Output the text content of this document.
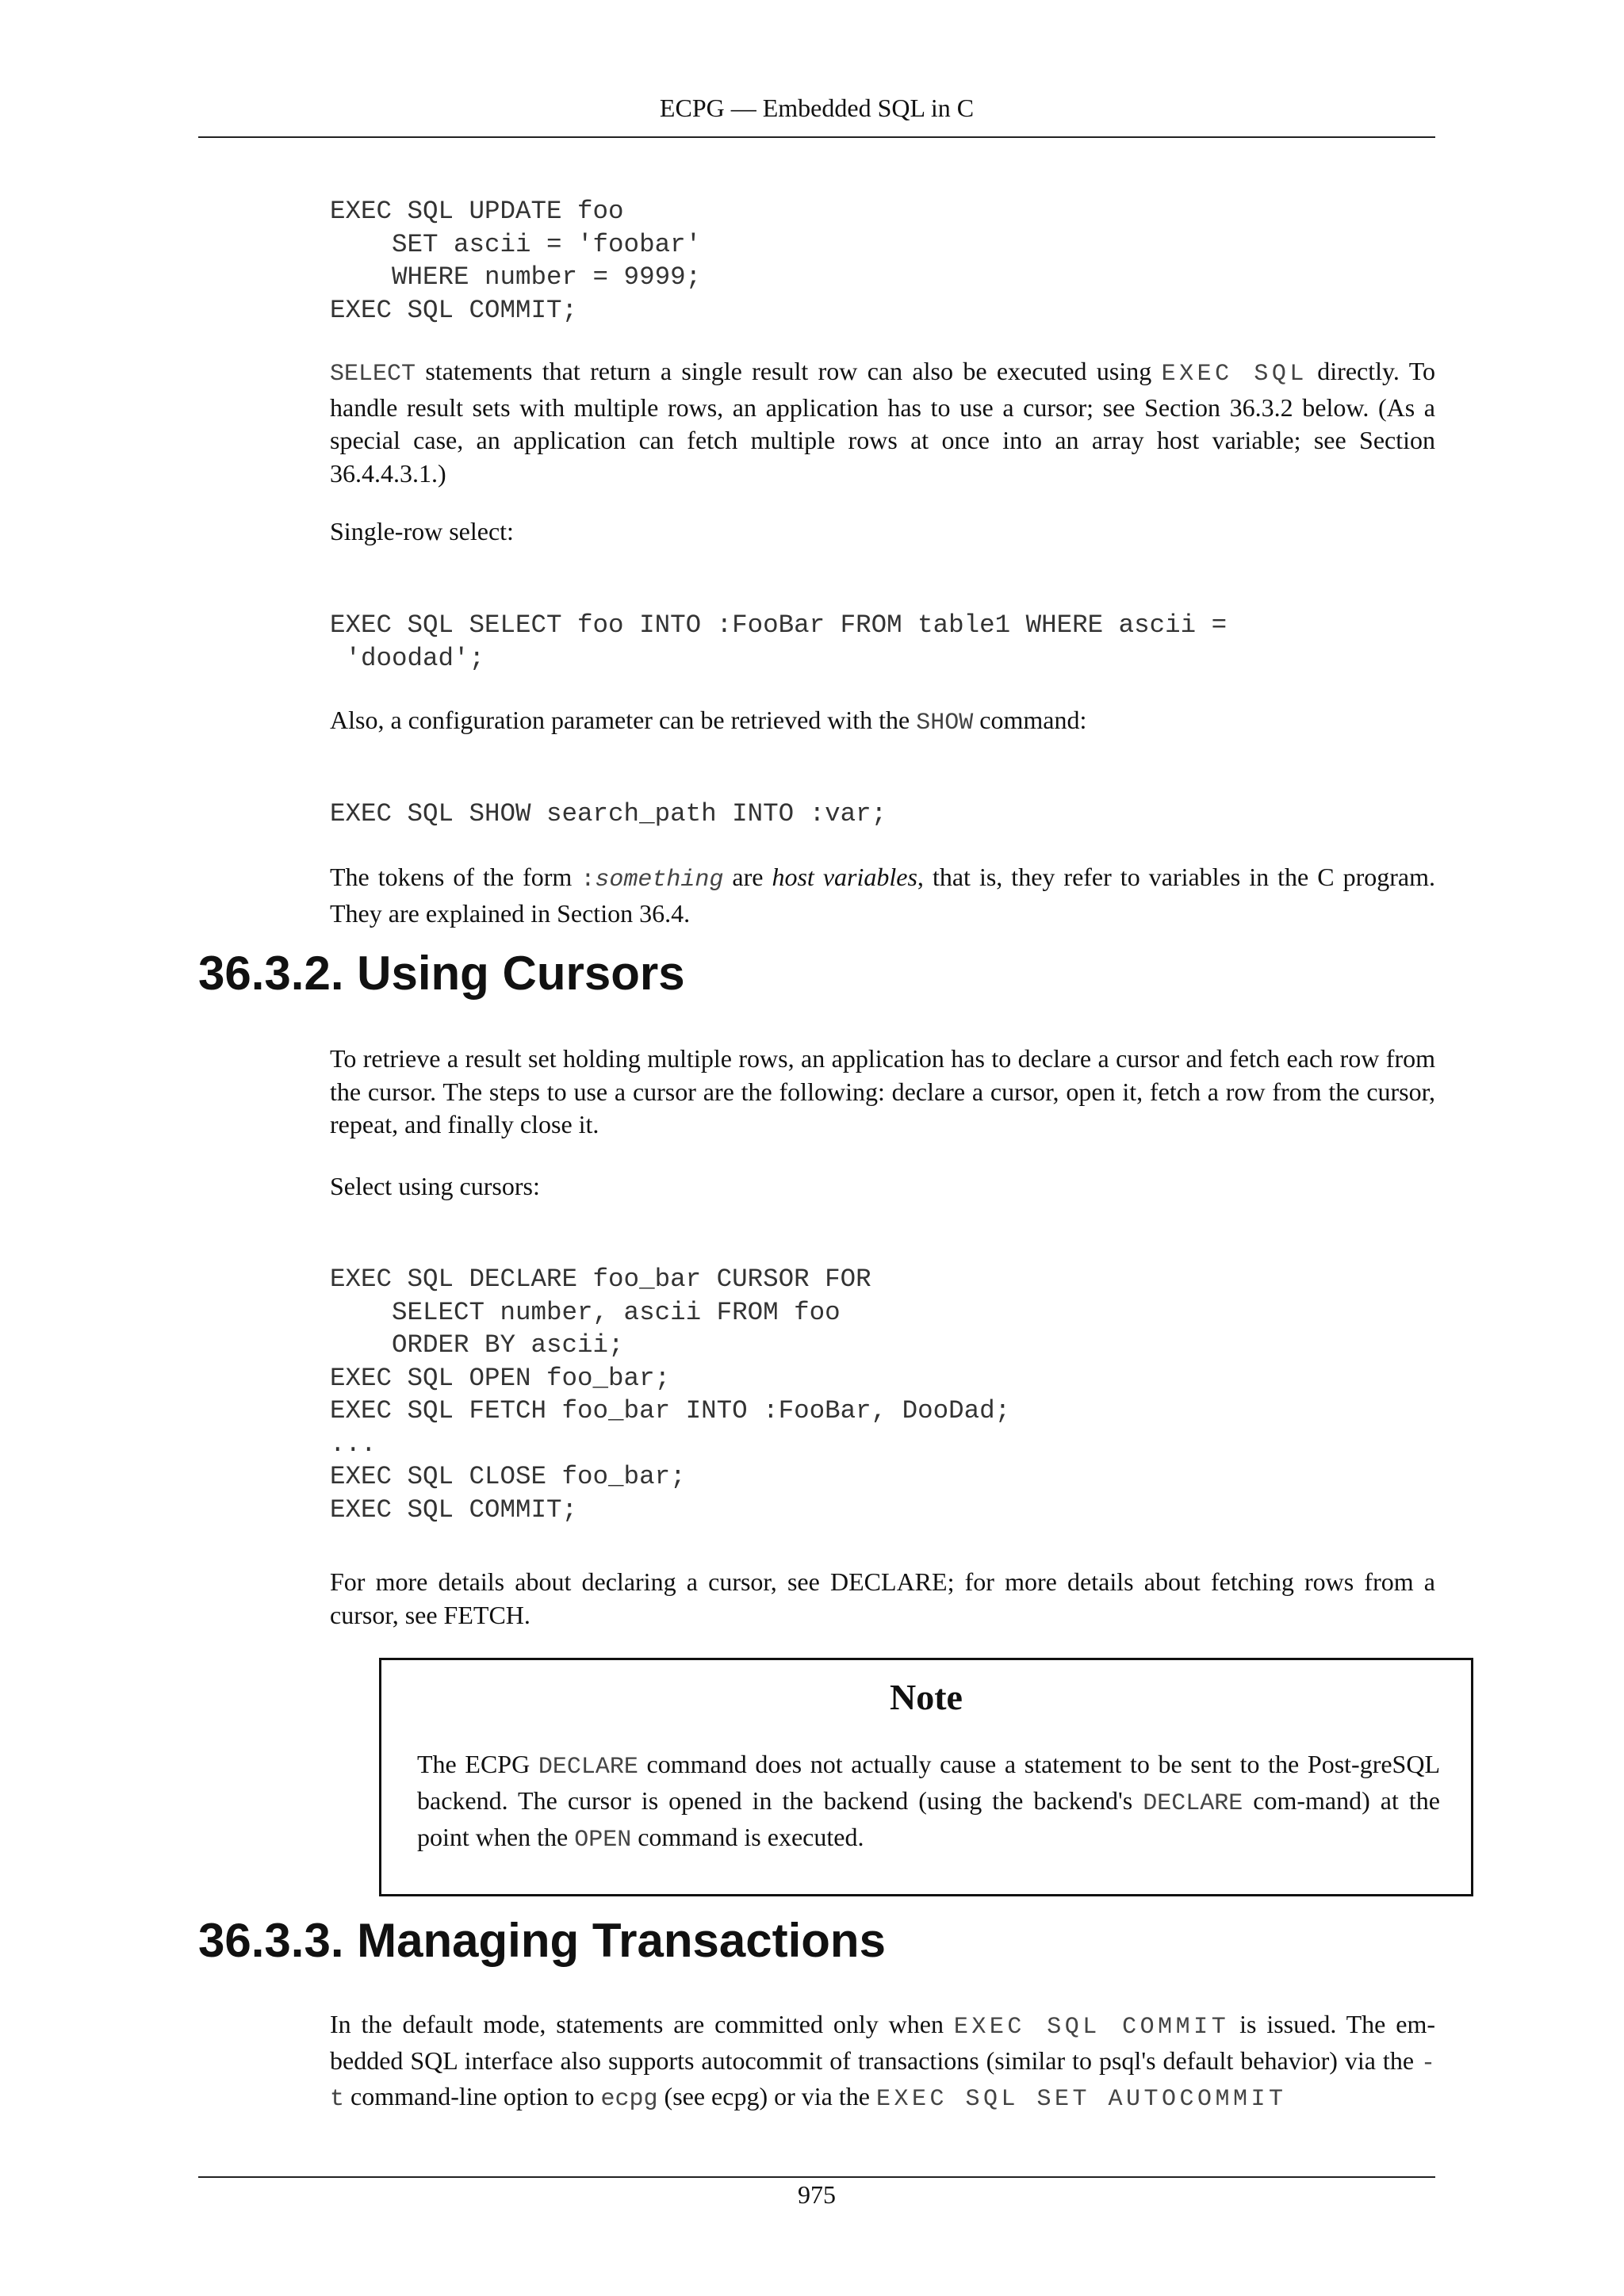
ECPG — Embedded SQL in C
EXEC SQL UPDATE foo
SET ascii = 'foobar'
WHERE number = 9999;
EXEC SQL COMMIT;

SELECT statements that return a single result row can also be executed using EXEC SQL directly. To handle result sets with multiple rows, an application has to use a cursor; see Section 36.3.2 below. (As a special case, an application can fetch multiple rows at once into an array host variable; see Section 36.4.4.3.1.)

Single-row select:

EXEC SQL SELECT foo INTO :FooBar FROM table1 WHERE ascii =
'doodad';

Also, a configuration parameter can be retrieved with the SHOW command:

EXEC SQL SHOW search_path INTO :var;

The tokens of the form :something are host variables, that is, they refer to variables in the C program. They are explained in Section 36.4.

36.3.2. Using Cursors

To retrieve a result set holding multiple rows, an application has to declare a cursor and fetch each row from the cursor. The steps to use a cursor are the following: declare a cursor, open it, fetch a row from the cursor, repeat, and finally close it.

Select using cursors:

EXEC SQL DECLARE foo_bar CURSOR FOR
SELECT number, ascii FROM foo
ORDER BY ascii;
EXEC SQL OPEN foo_bar;
EXEC SQL FETCH foo_bar INTO :FooBar, DooDad;
...
EXEC SQL CLOSE foo_bar;
EXEC SQL COMMIT;

For more details about declaring a cursor, see DECLARE; for more details about fetching rows from a cursor, see FETCH.

Note

The ECPG DECLARE command does not actually cause a statement to be sent to the Post-greSQL backend. The cursor is opened in the backend (using the backend's DECLARE com-mand) at the point when the OPEN command is executed.

36.3.3. Managing Transactions

In the default mode, statements are committed only when EXEC SQL COMMIT is issued. The em-bedded SQL interface also supports autocommit of transactions (similar to psql's default behavior) via the -t command-line option to ecpg (see ecpg) or via the EXEC SQL SET AUTOCOMMIT

975
